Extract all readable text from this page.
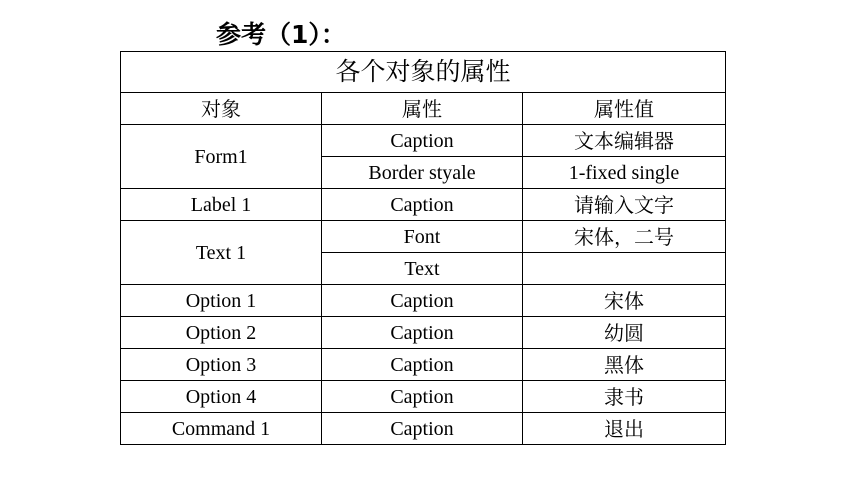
参考（1）：
各个对象的属性		
对象	属性	属性值
Form1	Caption	文本编辑器
	Border styale	1-fixed single
Label 1	Caption	请输入文字
Text 1	Font	宋体，二号
	Text	
Option 1	Caption	宋体
Option 2	Caption	幼圆
Option 3	Caption	黑体
Option 4	Caption	隶书
Command 1	Caption	退出
